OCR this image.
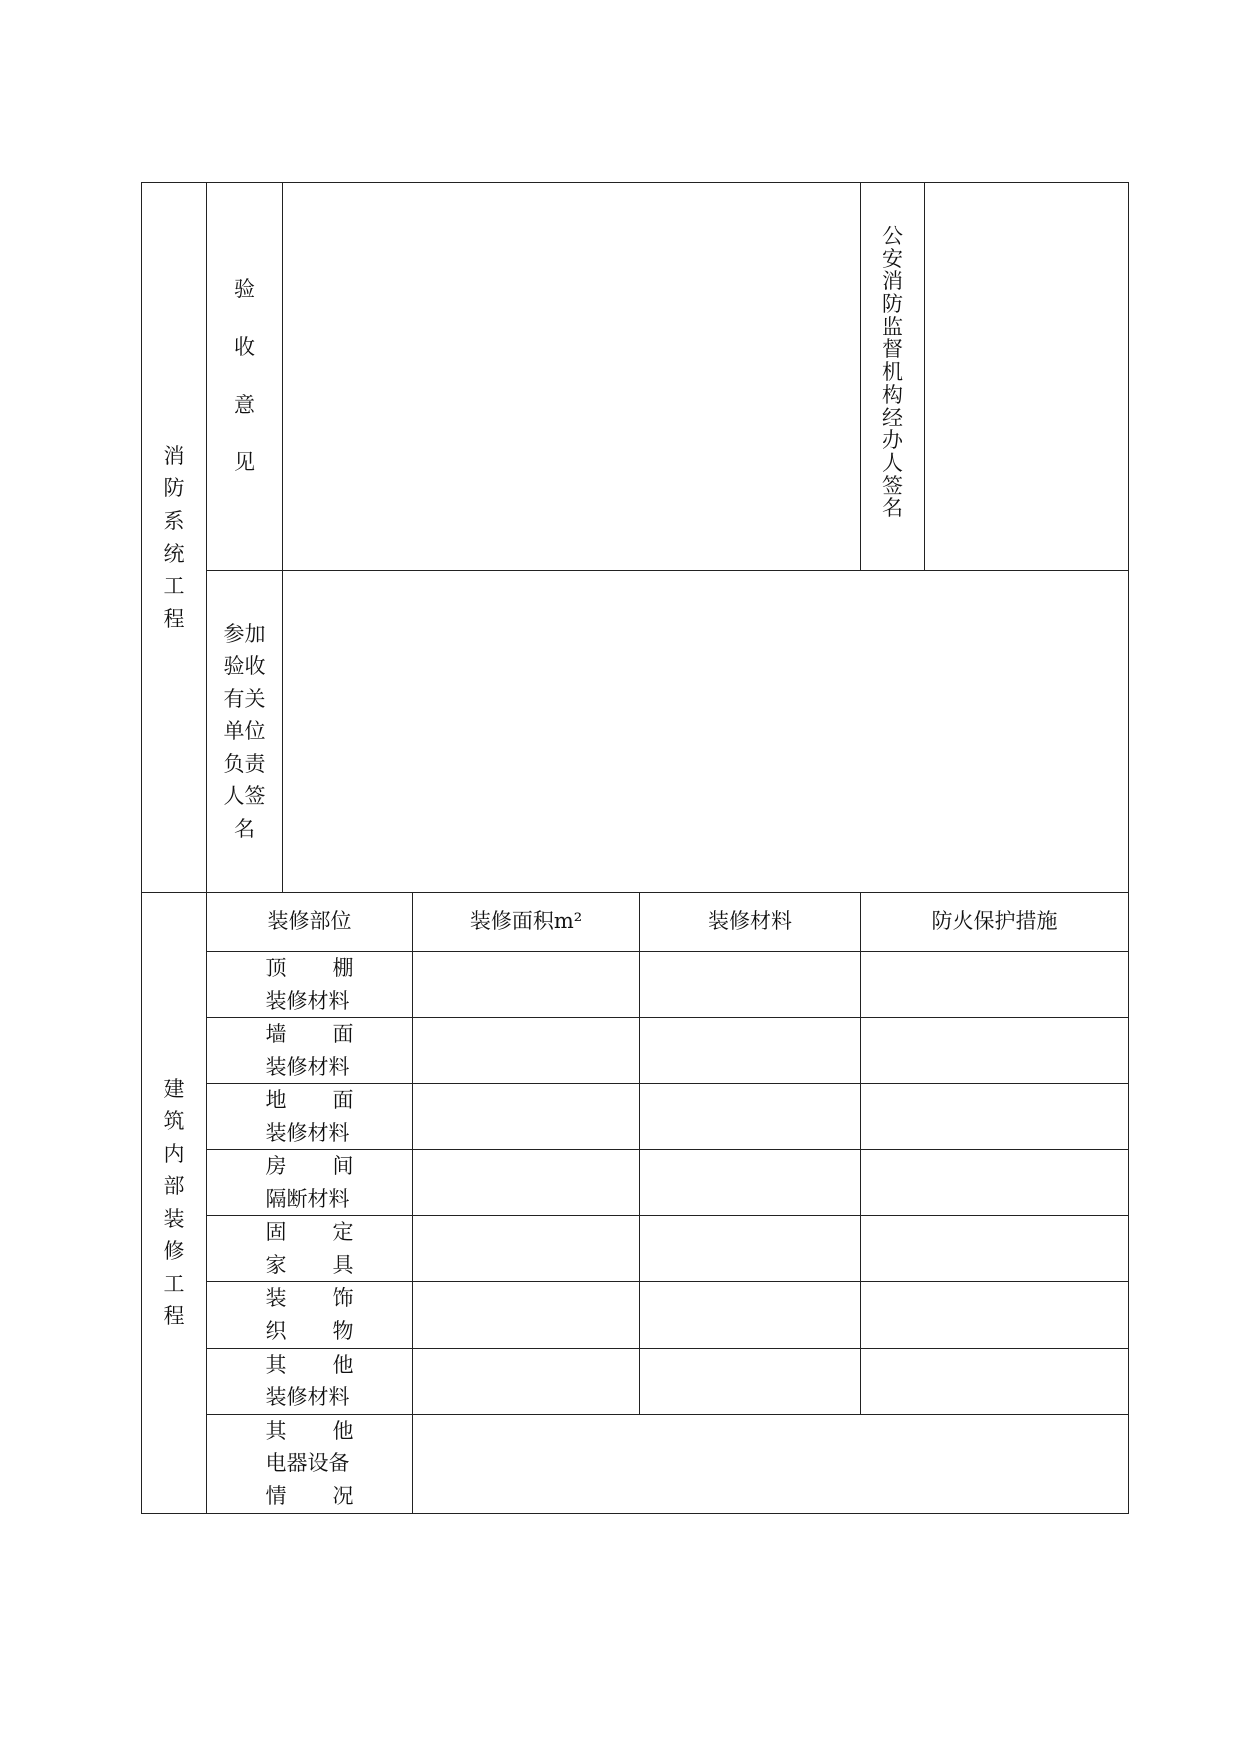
消防系统工程	验收意见				公安消防监督机构经办人签名	
	参加验收有关单位负责人签名					
建筑内部装修工程	装修部位		装修面积m²	装修材料	防火保护措施	

	顶 棚
装修材料					

	墙 面
装修材料					

	地 面
装修材料					

	房 间
隔断材料					

	固 定
家 具					

	装 饰
织 物					

	其 他
装修材料					

	其 他
电器设备
情 况					
